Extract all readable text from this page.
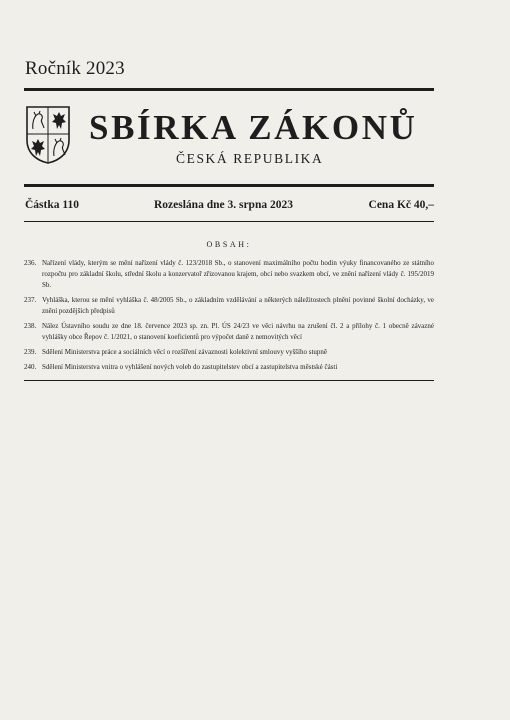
Ročník 2023
SBÍRKA ZÁKONŮ
ČESKÁ REPUBLIKA
Částka 110	Rozeslána dne 3. srpna 2023	Cena Kč 40,–
OBSAH:
236. Nařízení vlády, kterým se mění nařízení vlády č. 123/2018 Sb., o stanovení maximálního počtu hodin výuky financovaného ze státního rozpočtu pro základní školu, střední školu a konzervatoř zřizovanou krajem, obcí nebo svazkem obcí, ve znění nařízení vlády č. 195/2019 Sb.
237. Vyhláška, kterou se mění vyhláška č. 48/2005 Sb., o základním vzdělávání a některých náležitostech plnění povinné školní docházky, ve znění pozdějších předpisů
238. Nález Ústavního soudu ze dne 18. července 2023 sp. zn. Pl. ÚS 24/23 ve věci návrhu na zrušení čl. 2 a přílohy č. 1 obecně závazné vyhlášky obce Řepov č. 1/2021, o stanovení koeficientů pro výpočet daně z nemovitých věcí
239. Sdělení Ministerstva práce a sociálních věcí o rozšíření závaznosti kolektivní smlouvy vyššího stupně
240. Sdělení Ministerstva vnitra o vyhlášení nových voleb do zastupitelstev obcí a zastupitelstva městské části
